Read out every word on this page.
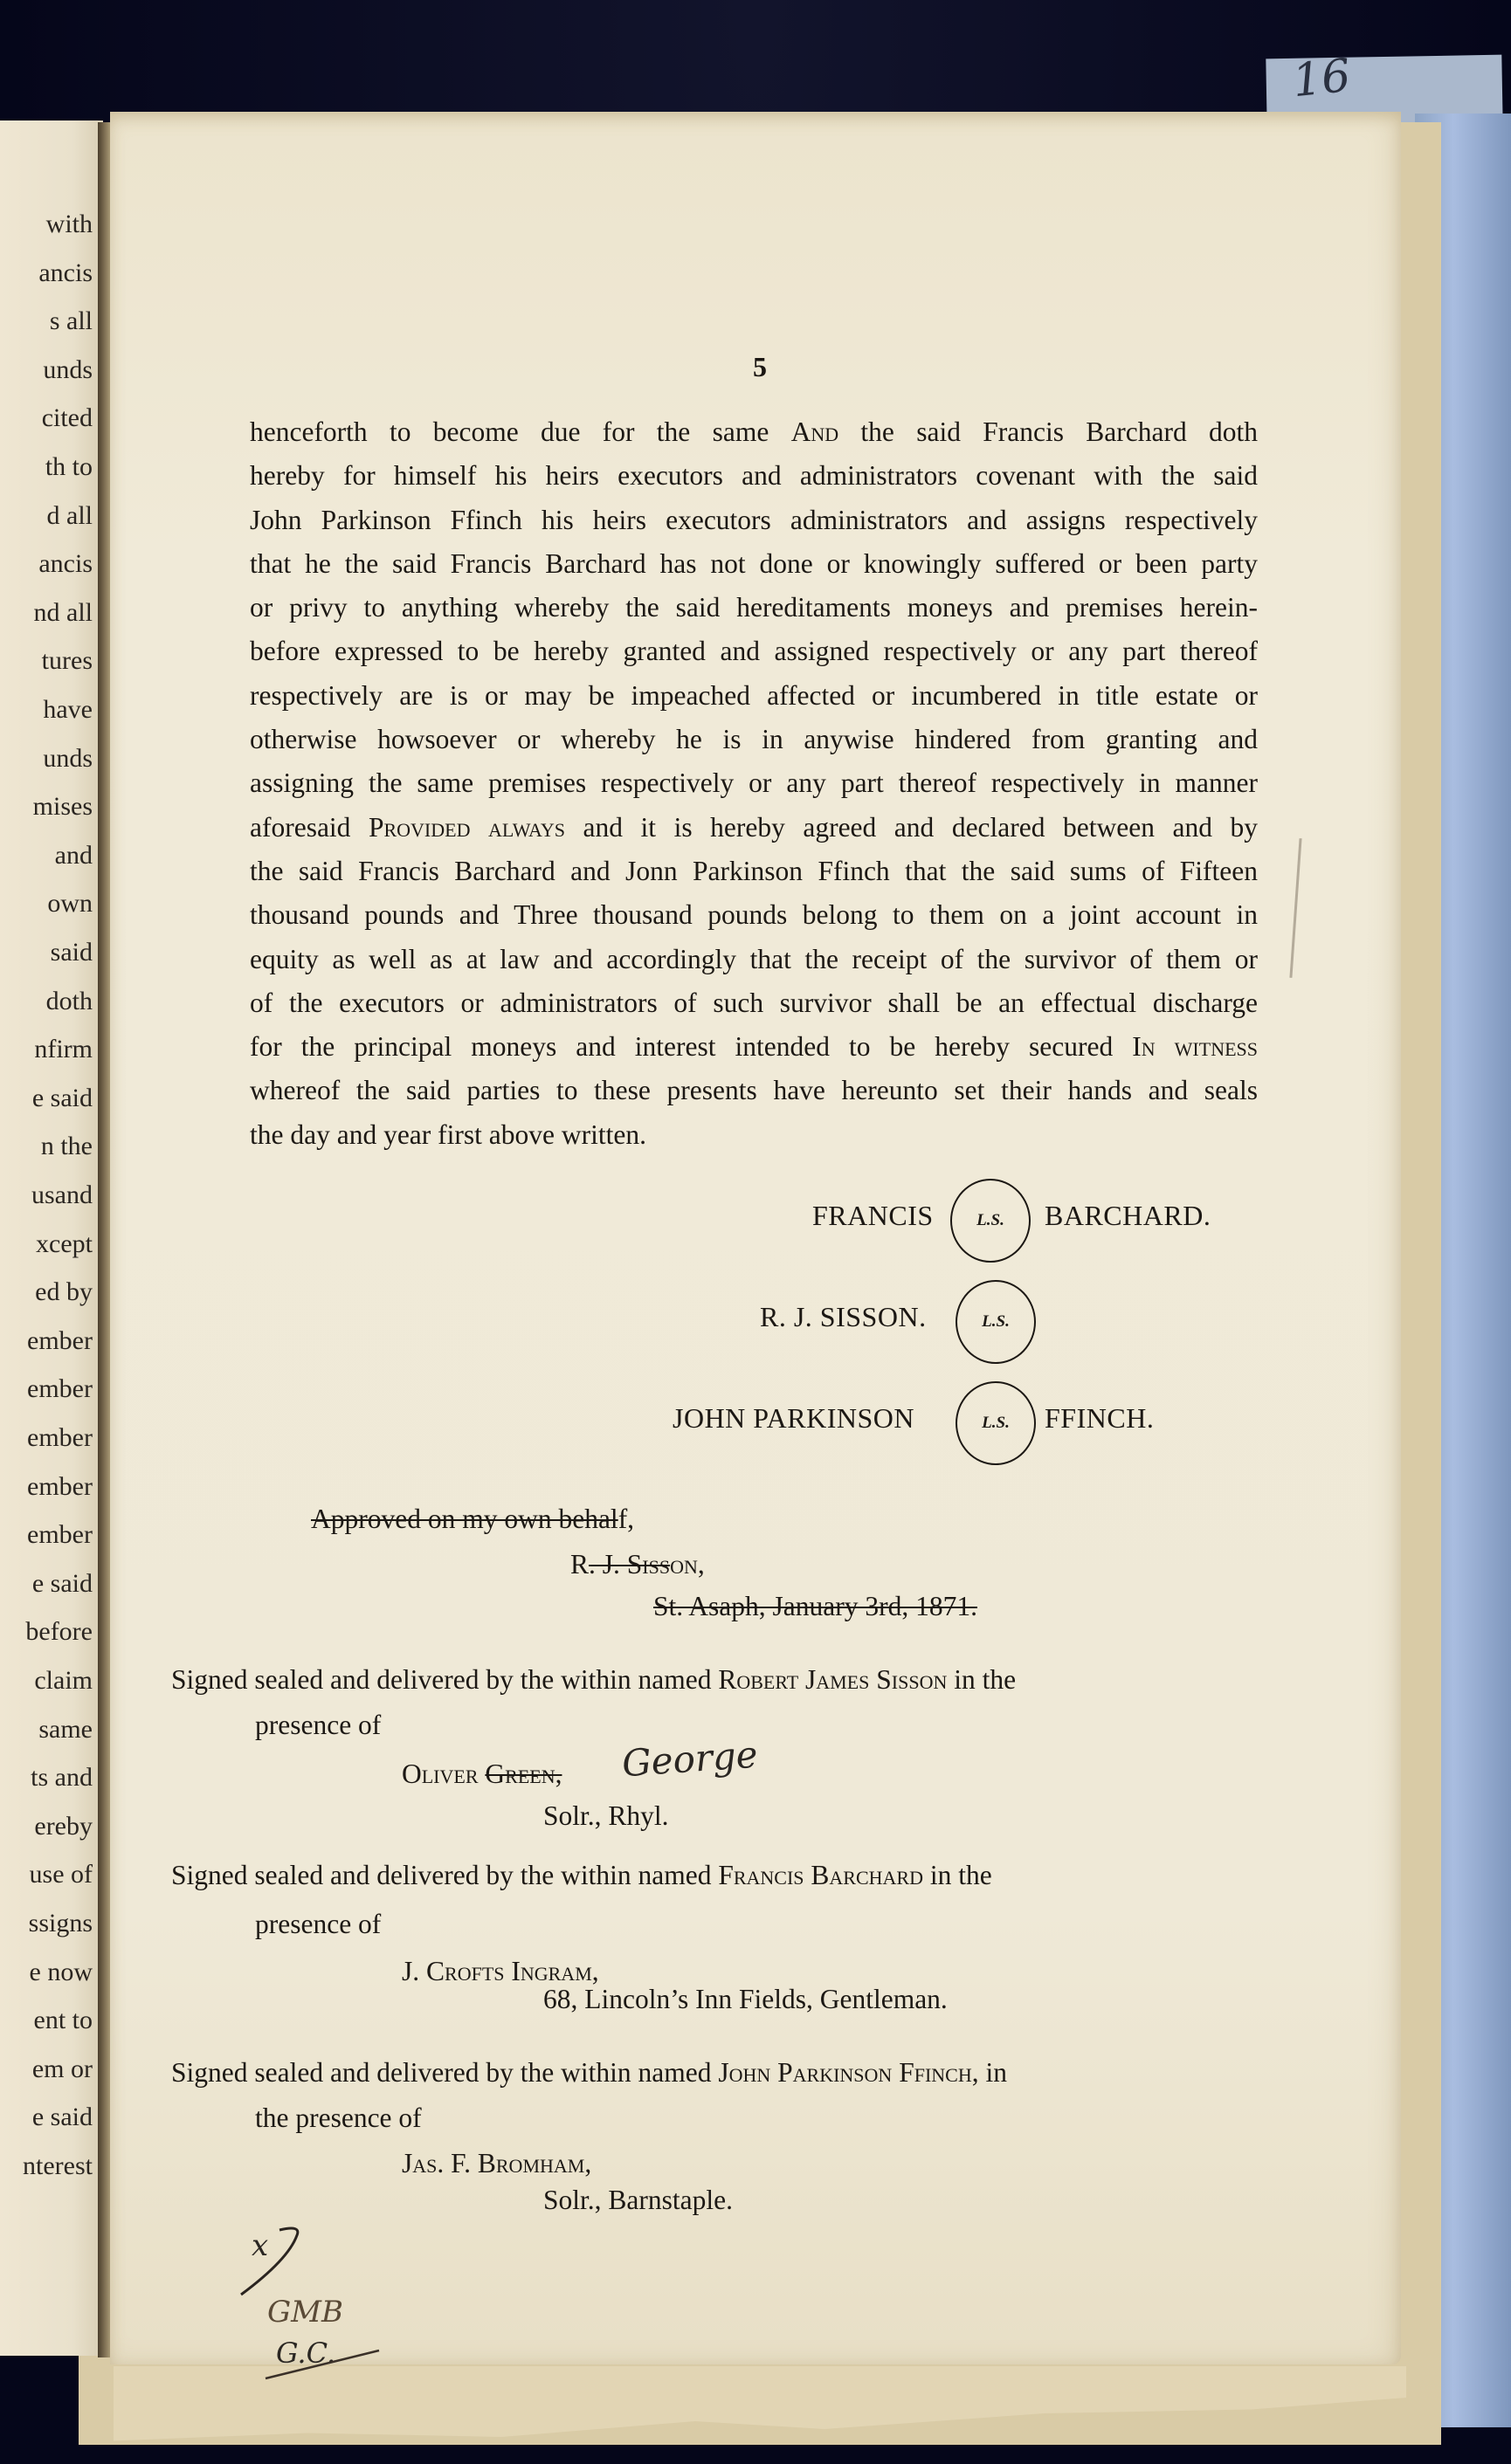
16
with
ancis
s all
unds
cited
th to
d all
ancis
nd all
tures
have
unds
mises
and
own
said
doth
nfirm
e said
n the
usand
xcept
ed by
ember
ember
ember
ember
ember
e said
before
claim
same
ts and
ereby
use of
ssigns
e now
ent to
em or
e said
nterest
5
henceforth to become due for the same And the said Francis Barchard doth
hereby for himself his heirs executors and administrators covenant with the said
John Parkinson Ffinch his heirs executors administrators and assigns respectively
that he the said Francis Barchard has not done or knowingly suffered or been party
or privy to anything whereby the said hereditaments moneys and premises herein-
before expressed to be hereby granted and assigned respectively or any part thereof
respectively are is or may be impeached affected or incumbered in title estate or
otherwise howsoever or whereby he is in anywise hindered from granting and
assigning the same premises respectively or any part thereof respectively in manner
aforesaid Provided always and it is hereby agreed and declared between and by
the said Francis Barchard and Jonn Parkinson Ffinch that the said sums of Fifteen
thousand pounds and Three thousand pounds belong to them on a joint account in
equity as well as at law and accordingly that the receipt of the survivor of them or
of the executors or administrators of such survivor shall be an effectual discharge
for the principal moneys and interest intended to be hereby secured In witness
whereof the said parties to these presents have hereunto set their hands and seals
the day and year first above written.
FRANCIS	L.S.	BARCHARD.
R. J. SISSON.	L.S.
JOHN PARKINSON	L.S.	FFINCH.
Approved on my own behalf,
R. J. Sisson,
St. Asaph, January 3rd, 1871.
Signed sealed and delivered by the within named Robert James Sisson in the
presence of
Oliver Green, George
Solr., Rhyl.
Signed sealed and delivered by the within named Francis Barchard in the
presence of
J. Crofts Ingram,
68, Lincoln’s Inn Fields, Gentleman.
Signed sealed and delivered by the within named John Parkinson Ffinch, in
the presence of
Jas. F. Bromham,
Solr., Barnstaple.
x
GMB
G.C.
